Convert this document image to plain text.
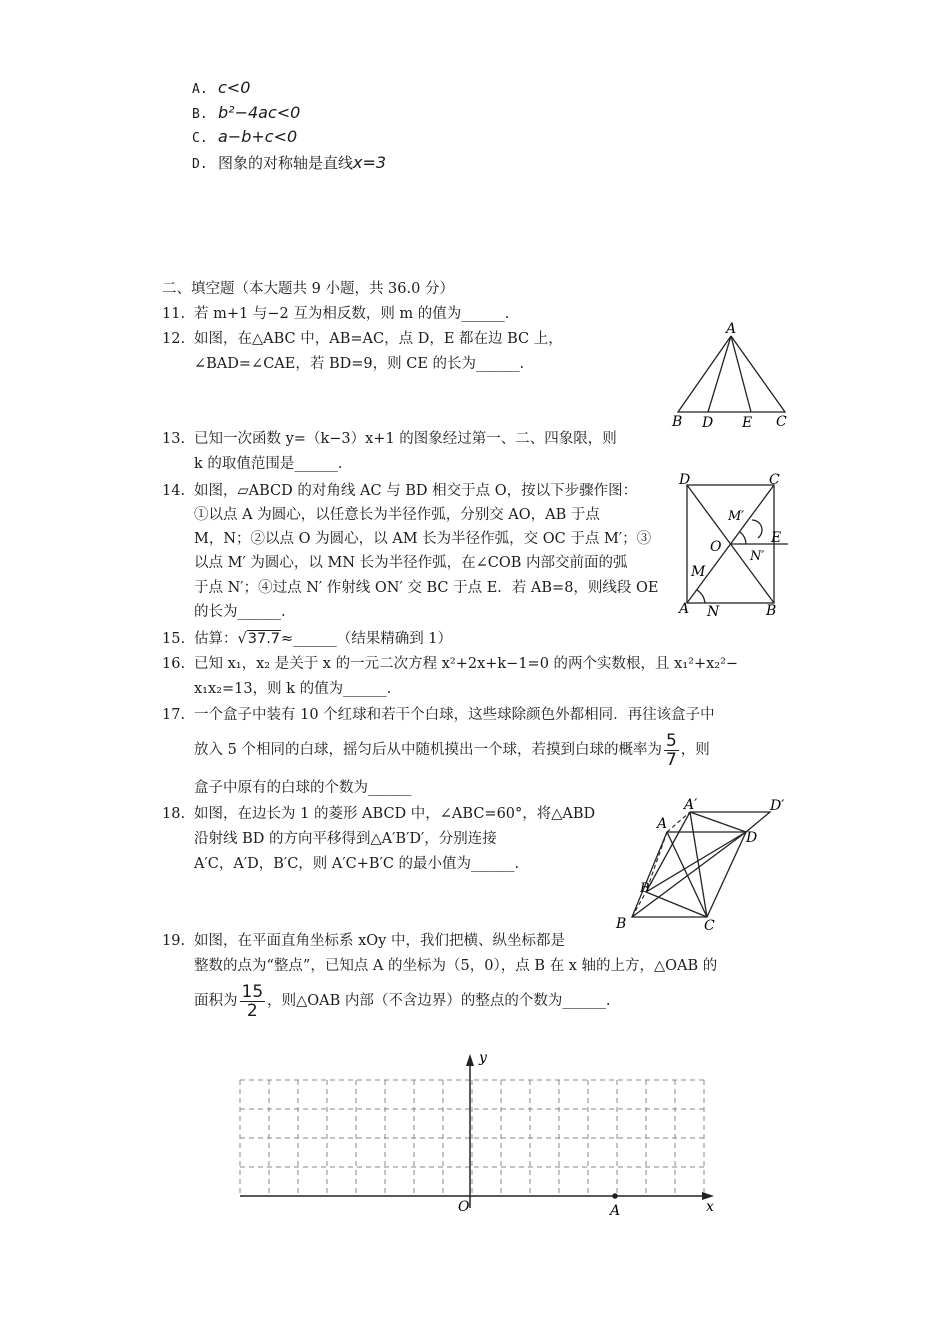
A. c<0
B. b²−4ac<0
C. a−b+c<0
D. 图象的对称轴是直线x=3
二、填空题（本大题共 9 小题，共 36.0 分）
11. 若 m+1 与−2 互为相反数，则 m 的值为______.
12. 如图，在△ABC 中，AB=AC，点 D，E 都在边 BC 上，
∠BAD=∠CAE，若 BD=9，则 CE 的长为______.
A
B D E C
13. 已知一次函数 y=（k−3）x+1 的图象经过第一、二、四象限，则
k 的取值范围是______.
14. 如图，▱ABCD 的对角线 AC 与 BD 相交于点 O，按以下步骤作图：
①以点 A 为圆心，以任意长为半径作弧，分别交 AO，AB 于点
M，N；②以点 O 为圆心，以 AM 长为半径作弧，交 OC 于点 M′；③
以点 M′ 为圆心，以 MN 长为半径作弧，在∠COB 内部交前面的弧
于点 N′；④过点 N′ 作射线 ON′ 交 BC 于点 E．若 AB=8，则线段 OE
的长为______.
D	C
A	B
O
E
M
N
M′
N′
15. 估算：√37.7≈______（结果精确到 1）
16. 已知 x₁，x₂ 是关于 x 的一元二次方程 x²+2x+k−1=0 的两个实数根，且 x₁²+x₂²−
x₁x₂=13，则 k 的值为______.
17. 一个盒子中装有 10 个红球和若干个白球，这些球除颜色外都相同．再往该盒子中
放入 5 个相同的白球，摇匀后从中随机摸出一个球，若摸到白球的概率为 $\frac{5}{7}$ ，则
盒子中原有的白球的个数为______
18. 如图，在边长为 1 的菱形 ABCD 中，∠ABC=60°，将△ABD
沿射线 BD 的方向平移得到△A′B′D′，分别连接
A′C，A′D，B′C，则 A′C+B′C 的最小值为______.
A
A′	D′
D
B′
B	C
19. 如图，在平面直角坐标系 xOy 中，我们把横、纵坐标都是
整数的点为“整点”，已知点 A 的坐标为（5，0），点 B 在 x 轴的上方，△OAB 的
面积为 $\frac{15}{2}$ ，则△OAB 内部（不含边界）的整点的个数为______.
y
x
O	A
